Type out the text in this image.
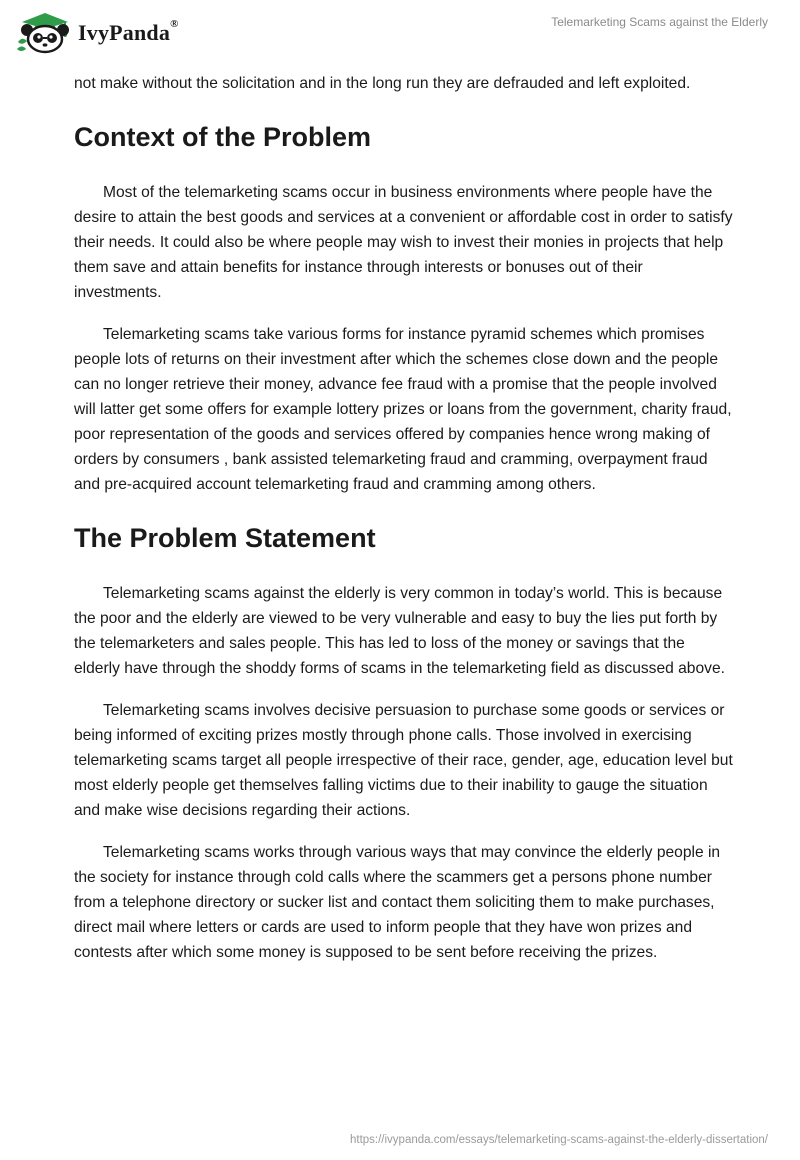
IvyPanda®	Telemarketing Scams against the Elderly

not make without the solicitation and in the long run they are defrauded and left exploited.

Context of the Problem

Most of the telemarketing scams occur in business environments where people have the desire to attain the best goods and services at a convenient or affordable cost in order to satisfy their needs. It could also be where people may wish to invest their monies in projects that help them save and attain benefits for instance through interests or bonuses out of their investments.

Telemarketing scams take various forms for instance pyramid schemes which promises people lots of returns on their investment after which the schemes close down and the people can no longer retrieve their money, advance fee fraud with a promise that the people involved will latter get some offers for example lottery prizes or loans from the government, charity fraud, poor representation of the goods and services offered by companies hence wrong making of orders by consumers , bank assisted telemarketing fraud and cramming, overpayment fraud and pre-acquired account telemarketing fraud and cramming among others.

The Problem Statement

Telemarketing scams against the elderly is very common in today’s world. This is because the poor and the elderly are viewed to be very vulnerable and easy to buy the lies put forth by the telemarketers and sales people. This has led to loss of the money or savings that the elderly have through the shoddy forms of scams in the telemarketing field as discussed above.

Telemarketing scams involves decisive persuasion to purchase some goods or services or being informed of exciting prizes mostly through phone calls. Those involved in exercising telemarketing scams target all people irrespective of their race, gender, age, education level but most elderly people get themselves falling victims due to their inability to gauge the situation and make wise decisions regarding their actions.

Telemarketing scams works through various ways that may convince the elderly people in the society for instance through cold calls where the scammers get a persons phone number from a telephone directory or sucker list and contact them soliciting them to make purchases, direct mail where letters or cards are used to inform people that they have won prizes and contests after which some money is supposed to be sent before receiving the prizes.

https://ivypanda.com/essays/telemarketing-scams-against-the-elderly-dissertation/
